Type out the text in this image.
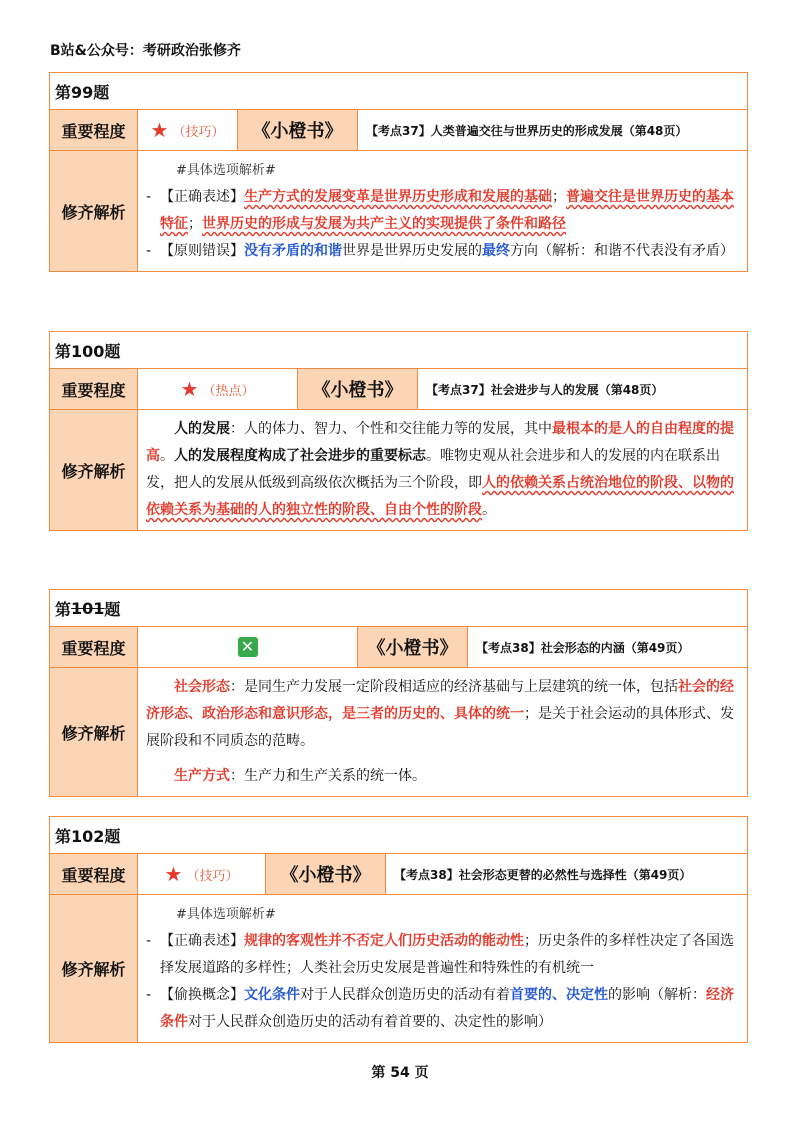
B站&公众号：考研政治张修齐
第99题
重要程度	★ （技巧）	《小橙书》	【考点37】人类普遍交往与世界历史的形成发展（第48页）
修齐解析
#具体选项解析#
- 【正确表述】生产方式的发展变革是世界历史形成和发展的基础；普遍交往是世界历史的基本特征；世界历史的形成与发展为共产主义的实现提供了条件和路径
- 【原则错误】没有矛盾的和谐世界是世界历史发展的最终方向（解析：和谐不代表没有矛盾）
第100题
重要程度	★ （热点）	《小橙书》	【考点37】社会进步与人的发展（第48页）
修齐解析
人的发展：人的体力、智力、个性和交往能力等的发展，其中最根本的是人的自由程度的提高。人的发展程度构成了社会进步的重要标志。唯物史观从社会进步和人的发展的内在联系出发，把人的发展从低级到高级依次概括为三个阶段，即人的依赖关系占统治地位的阶段、以物的依赖关系为基础的人的独立性的阶段、自由个性的阶段。
第 101 题
重要程度	✕	《小橙书》	【考点38】社会形态的内涵（第49页）
修齐解析
社会形态：是同生产力发展一定阶段相适应的经济基础与上层建筑的统一体，包括社会的经济形态、政治形态和意识形态，是三者的历史的、具体的统一；是关于社会运动的具体形式、发展阶段和不同质态的范畴。
生产方式：生产力和生产关系的统一体。
第102题
重要程度	★ （技巧）	《小橙书》	【考点38】社会形态更替的必然性与选择性（第49页）
修齐解析
#具体选项解析#
- 【正确表述】规律的客观性并不否定人们历史活动的能动性；历史条件的多样性决定了各国选择发展道路的多样性；人类社会历史发展是普遍性和特殊性的有机统一
- 【偷换概念】文化条件对于人民群众创造历史的活动有着首要的、决定性的影响（解析：经济条件对于人民群众创造历史的活动有着首要的、决定性的影响）
第 54 页
